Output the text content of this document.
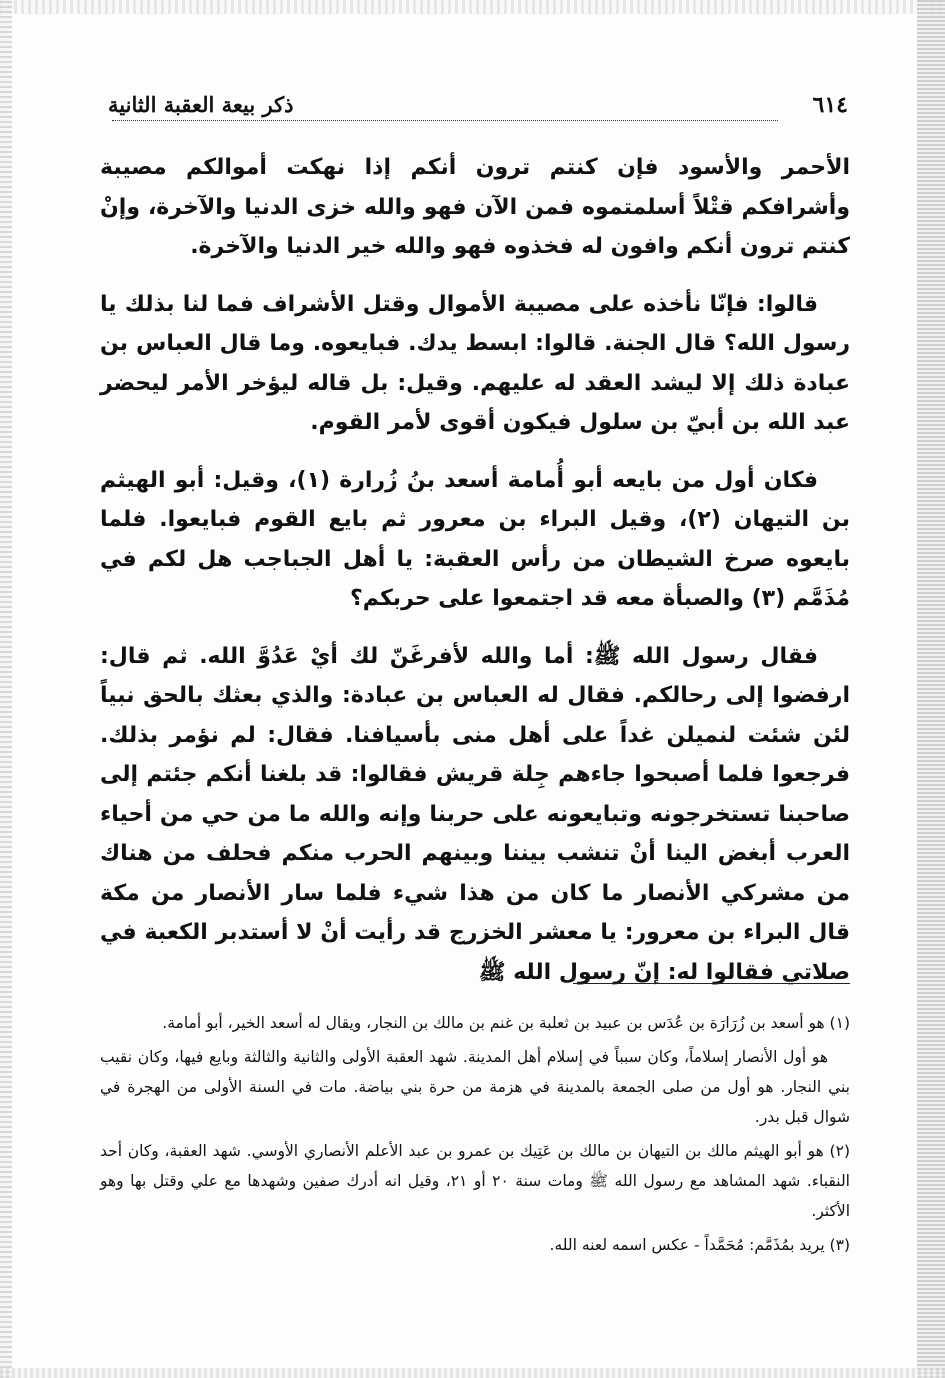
٦١٤
ذكر بيعة العقبة الثانية

الأحمر والأسود فإن كنتم ترون أنكم إذا نهكت أموالكم مصيبة وأشرافكم قتْلاً أسلمتموه فمن الآن فهو والله خزى الدنيا والآخرة، وإنْ كنتم ترون أنكم وافون له فخذوه فهو والله خير الدنيا والآخرة.

قالوا: فإنّا نأخذه على مصيبة الأموال وقتل الأشراف فما لنا بذلك يا رسول الله؟ قال الجنة. قالوا: ابسط يدك. فبايعوه. وما قال العباس بن عبادة ذلك إلا ليشد العقد له عليهم. وقيل: بل قاله ليؤخر الأمر ليحضر عبد الله بن أبيّ بن سلول فيكون أقوى لأمر القوم.

فكان أول من بايعه أبو أُمامة أسعد بنُ زُرارة (١)، وقيل: أبو الهيثم بن التيهان (٢)، وقيل البراء بن معرور ثم بايع القوم فبايعوا. فلما بايعوه صرخ الشيطان من رأس العقبة: يا أهل الجباجب هل لكم في مُذَمَّم (٣) والصبأة معه قد اجتمعوا على حربكم؟

فقال رسول الله ﷺ: أما والله لأفرغَنّ لك أيْ عَدُوَّ الله. ثم قال: ارفضوا إلى رحالكم. فقال له العباس بن عبادة: والذي بعثك بالحق نبياً لئن شئت لنميلن غداً على أهل منى بأسيافنا. فقال: لم نؤمر بذلك. فرجعوا فلما أصبحوا جاءهم جِلة قريش فقالوا: قد بلغنا أنكم جئتم إلى صاحبنا تستخرجونه وتبايعونه على حربنا وإنه والله ما من حي من أحياء العرب أبغض الينا أنْ تنشب بيننا وبينهم الحرب منكم فحلف من هناك من مشركي الأنصار ما كان من هذا شيء فلما سار الأنصار من مكة قال البراء بن معرور: يا معشر الخزرج قد رأيت أنْ لا أستدبر الكعبة في صلاتي فقالوا له: إنّ رسول الله ﷺ

(١) هو أسعد بن زُرَارَة بن عُدَس بن عبيد بن ثعلبة بن غنم بن مالك بن النجار، ويقال له أسعد الخير، أبو أمامة.

هو أول الأنصار إسلاماً، وكان سبباً في إسلام أهل المدينة. شهد العقبة الأولى والثانية والثالثة وبايع فيها، وكان نقيب بني النجار. هو أول من صلى الجمعة بالمدينة في هزمة من حرة بني بياضة. مات في السنة الأولى من الهجرة في شوال قبل بدر.

(٢) هو أبو الهيثم مالك بن التيهان بن مالك بن عَتِيك بن عمرو بن عبد الأعلم الأنصاري الأوسي. شهد العقبة، وكان أحد النقباء. شهد المشاهد مع رسول الله ﷺ ومات سنة ٢٠ أو ٢١، وقيل انه أدرك صفين وشهدها مع علي وقتل بها وهو الأكثر.

(٣) يريد بمُذَمَّم: مُحَمَّداً - عكس اسمه لعنه الله.
